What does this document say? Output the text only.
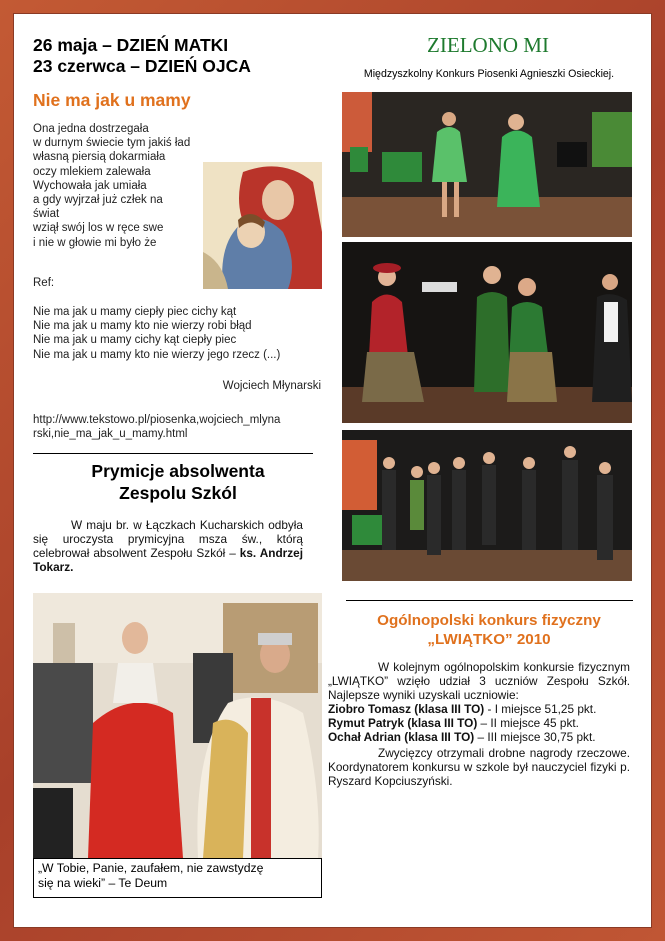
26 maja – DZIEŃ MATKI
23 czerwca – DZIEŃ OJCA
Nie ma jak u mamy
Ona jedna dostrzegała
w durnym świecie tym jakiś ład
własną piersią dokarmiała
oczy mlekiem zalewała
Wychowała jak umiała
a gdy wyjrzał już człek na
świat
wziął swój los w ręce swe
i nie w głowie mi było że
Ref:
Nie ma jak u mamy ciepły piec cichy kąt
Nie ma jak u mamy kto nie wierzy robi błąd
Nie ma jak u mamy cichy kąt ciepły piec
Nie ma jak u mamy kto nie wierzy jego rzecz (...)
Wojciech Młynarski
http://www.tekstowo.pl/piosenka,wojciech_mlyna
rski,nie_ma_jak_u_mamy.html
Prymicje absolwenta
Zespolu Szkól
W maju br. w Łączkach Kucharskich odbyła się uroczysta prymicyjna msza św., którą celebrował absolwent Zespołu Szkół – ks. Andrzej Tokarz.
„W Tobie, Panie, zaufałem, nie zawstydzę
się na wieki” – Te Deum
ZIELONO MI
Międzyszkolny Konkurs Piosenki Agnieszki Osieckiej.
Ogólnopolski konkurs fizyczny
„LWIĄTKO” 2010
W kolejnym ogólnopolskim konkursie fizycznym „LWIĄTKO” wzięło udział 3 uczniów Zespołu Szkół. Najlepsze wyniki uzyskali uczniowie:
Ziobro Tomasz (klasa III TO) - I miejsce 51,25 pkt.
Rymut Patryk (klasa III TO) – II miejsce 45 pkt.
Ochał Adrian (klasa III TO) – III miejsce 30,75 pkt.
Zwycięzcy otrzymali drobne nagrody rzeczowe. Koordynatorem konkursu w szkole był nauczyciel fizyki p. Ryszard Kopciuszyński.
